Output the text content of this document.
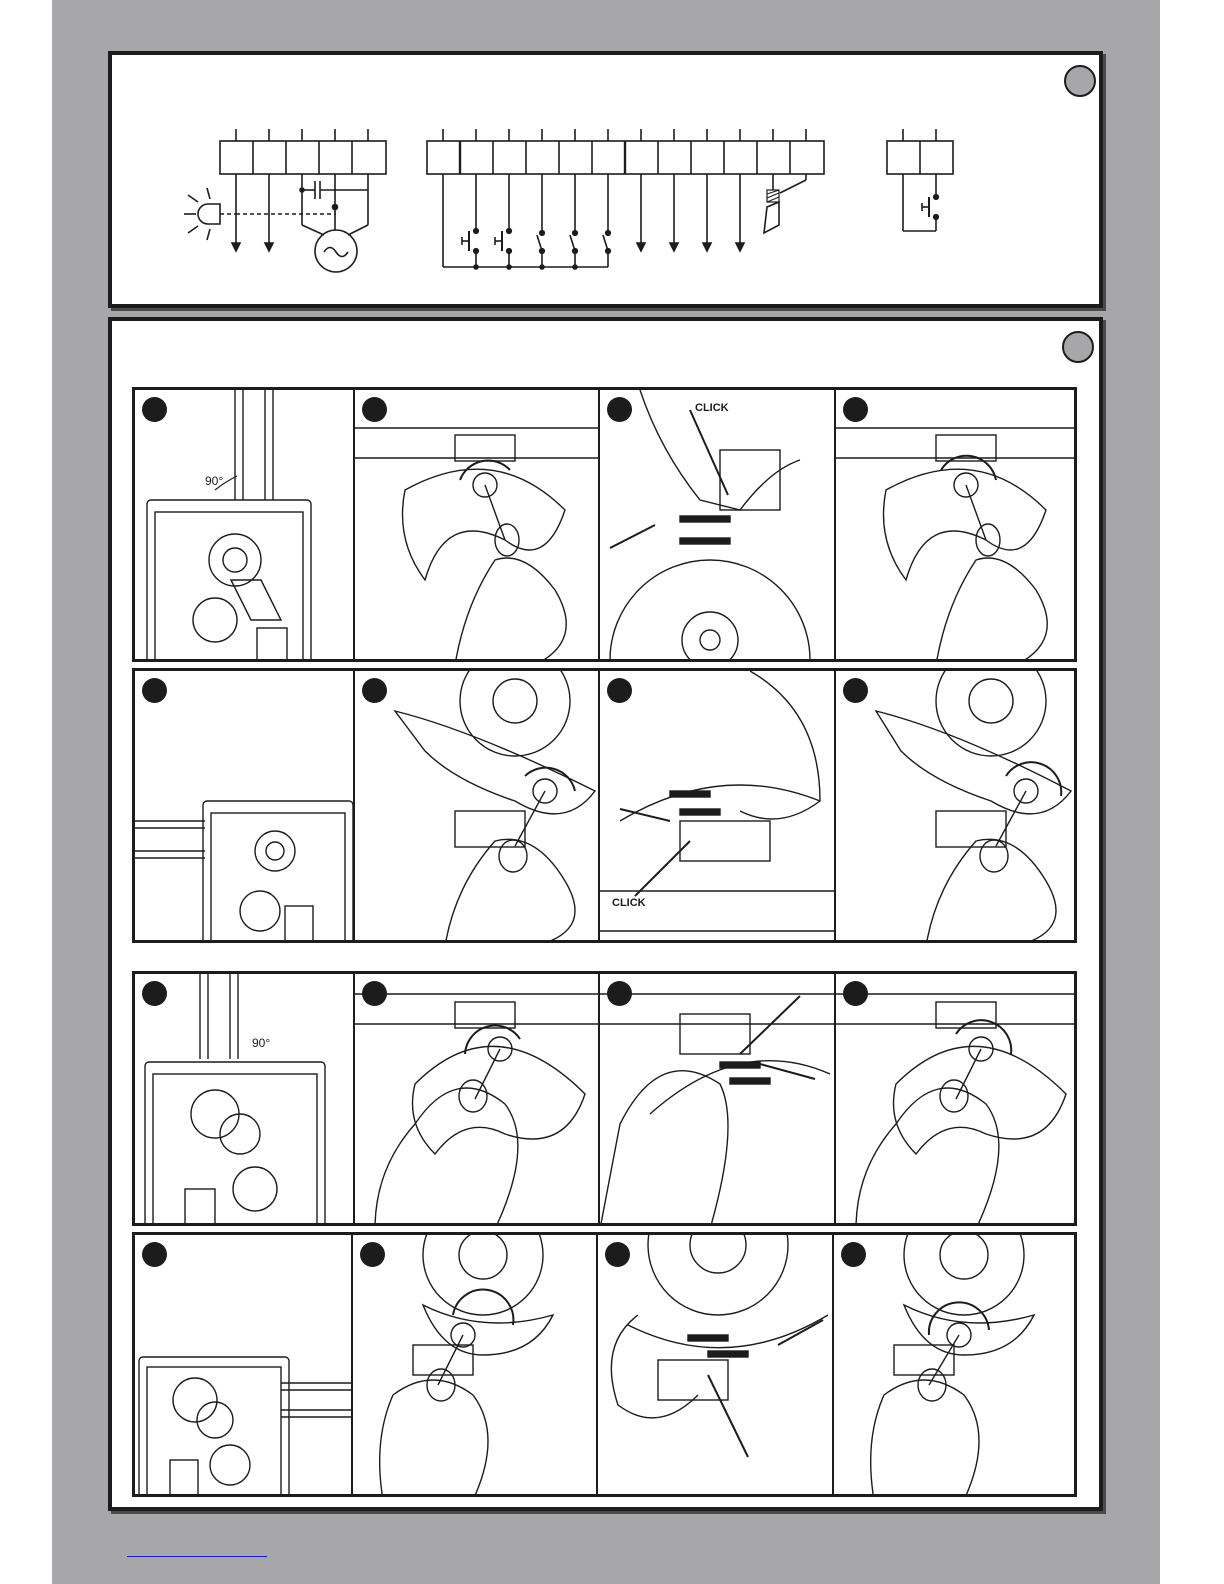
90°
CLICK
CLICK
90°
